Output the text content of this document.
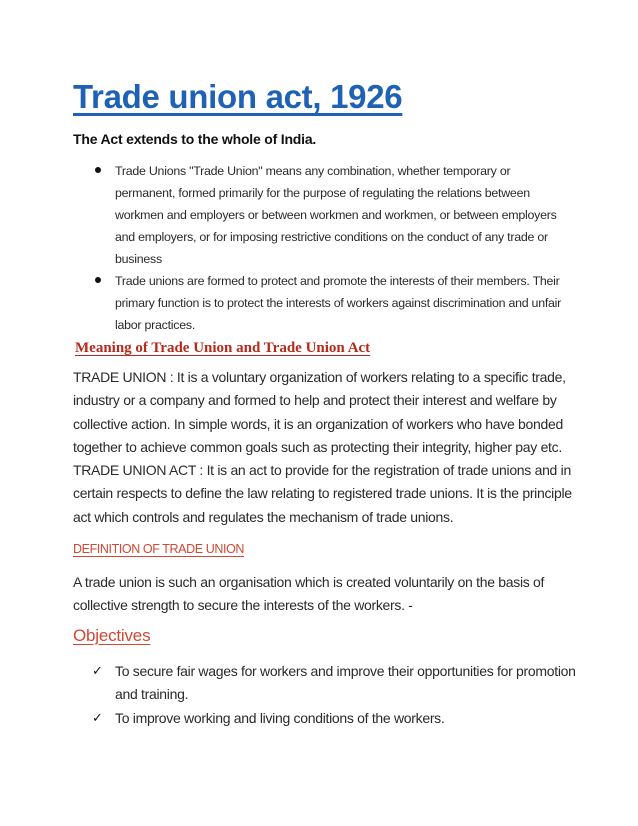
Trade union act, 1926
The Act extends to the whole of India.
Trade Unions "Trade Union" means any combination, whether temporary or
permanent, formed primarily for the purpose of regulating the relations between
workmen and employers or between workmen and workmen, or between employers
and employers, or for imposing restrictive conditions on the conduct of any trade or
business
Trade unions are formed to protect and promote the interests of their members. Their
primary function is to protect the interests of workers against discrimination and unfair
labor practices.
Meaning of Trade Union and Trade Union Act
TRADE UNION : It is a voluntary organization of workers relating to a specific trade,
industry or a company and formed to help and protect their interest and welfare by
collective action. In simple words, it is an organization of workers who have bonded
together to achieve common goals such as protecting their integrity, higher pay etc.
TRADE UNION ACT : It is an act to provide for the registration of trade unions and in
certain respects to define the law relating to registered trade unions. It is the principle
act which controls and regulates the mechanism of trade unions.
DEFINITION OF TRADE UNION
A trade union is such an organisation which is created voluntarily on the basis of
collective strength to secure the interests of the workers. -
Objectives
✓ To secure fair wages for workers and improve their opportunities for promotion
and training.
✓ To improve working and living conditions of the workers.
